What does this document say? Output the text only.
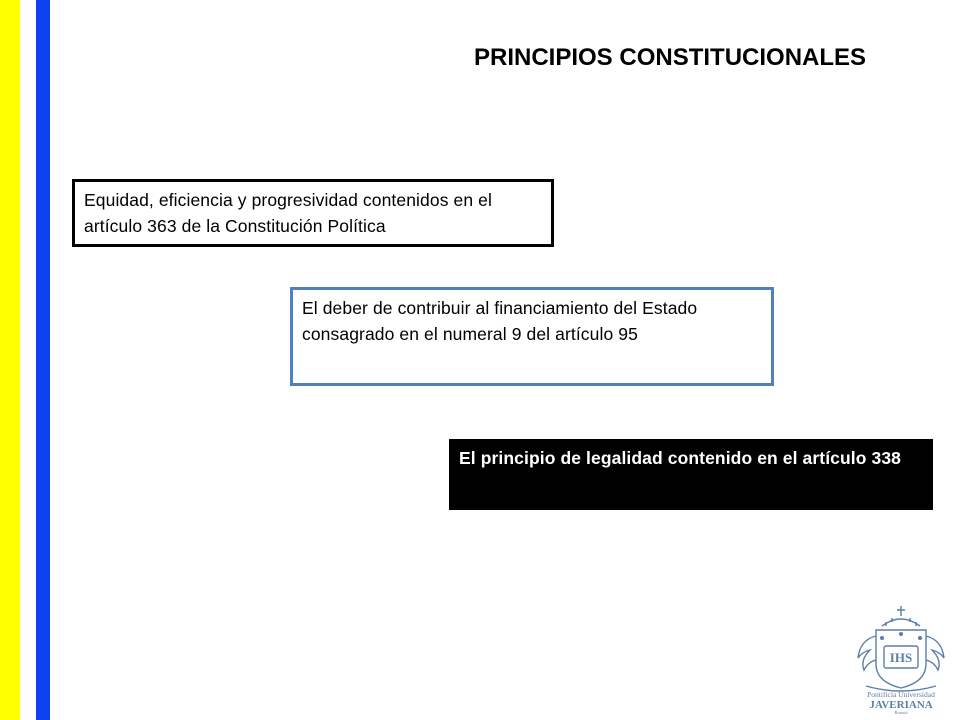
PRINCIPIOS CONSTITUCIONALES
Equidad, eficiencia y progresividad contenidos en el artículo 363 de la Constitución Política
El deber de contribuir al financiamiento del Estado consagrado en el numeral 9 del artículo 95
El principio de legalidad contenido en el artículo 338
IHS
Pontificia Universidad
JAVERIANA
Bogotá
